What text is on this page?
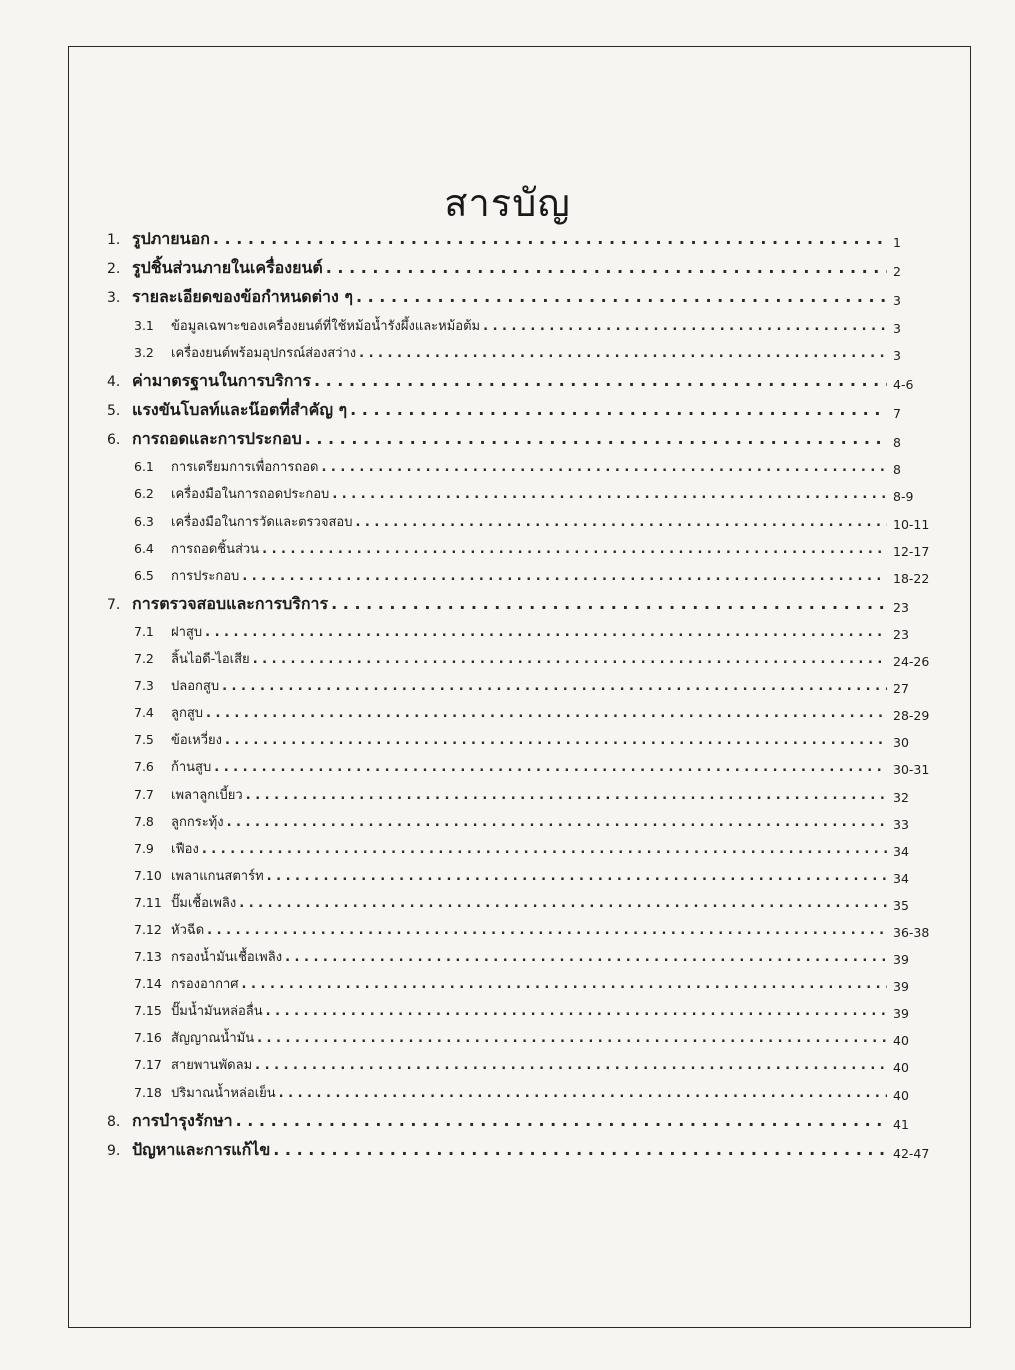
สารบัญ
1. รูปภายนอก . . .	1
2. รูปชิ้นส่วนภายในเครื่องยนต์ . . .	2
3. รายละเอียดของข้อกำหนดต่าง ๆ . . .	3
3.1	ข้อมูลเฉพาะของเครื่องยนต์ที่ใช้หม้อน้ำรังผึ้งและหม้อต้ม . . .	3
3.2	เครื่องยนต์พร้อมอุปกรณ์ส่องสว่าง . . .	3
4. ค่ามาตรฐานในการบริการ . . .	4-6
5. แรงขันโบลท์และน๊อตที่สำคัญ ๆ . . .	7
6. การถอดและการประกอบ . . .	8
6.1	การเตรียมการเพื่อการถอด . . .	8
6.2	เครื่องมือในการถอดประกอบ . . .	8-9
6.3	เครื่องมือในการวัดและตรวจสอบ . . .	10-11
6.4	การถอดชิ้นส่วน . . .	12-17
6.5	การประกอบ . . .	18-22
7. การตรวจสอบและการบริการ . . .	23
7.1	ฝาสูบ . . .	23
7.2	ลิ้นไอดี-ไอเสีย . . .	24-26
7.3	ปลอกสูบ . . .	27
7.4	ลูกสูบ . . .	28-29
7.5	ข้อเหวี่ยง . . .	30
7.6	ก้านสูบ . . .	30-31
7.7	เพลาลูกเบี้ยว . . .	32
7.8	ลูกกระทุ้ง . . .	33
7.9	เฟือง . . .	34
7.10 เพลาแกนสตาร์ท . . .	34
7.11 ปั๊มเชื้อเพลิง . . .	35
7.12 หัวฉีด . . .	36-38
7.13 กรองน้ำมันเชื้อเพลิง . . .	39
7.14 กรองอากาศ . . .	39
7.15 ปั๊มน้ำมันหล่อลื่น . . .	39
7.16 สัญญาณน้ำมัน . . .	40
7.17 สายพานพัดลม . . .	40
7.18 ปริมาณน้ำหล่อเย็น . . .	40
8. การบำรุงรักษา . . .	41
9. ปัญหาและการแก้ไข . . .	42-47
